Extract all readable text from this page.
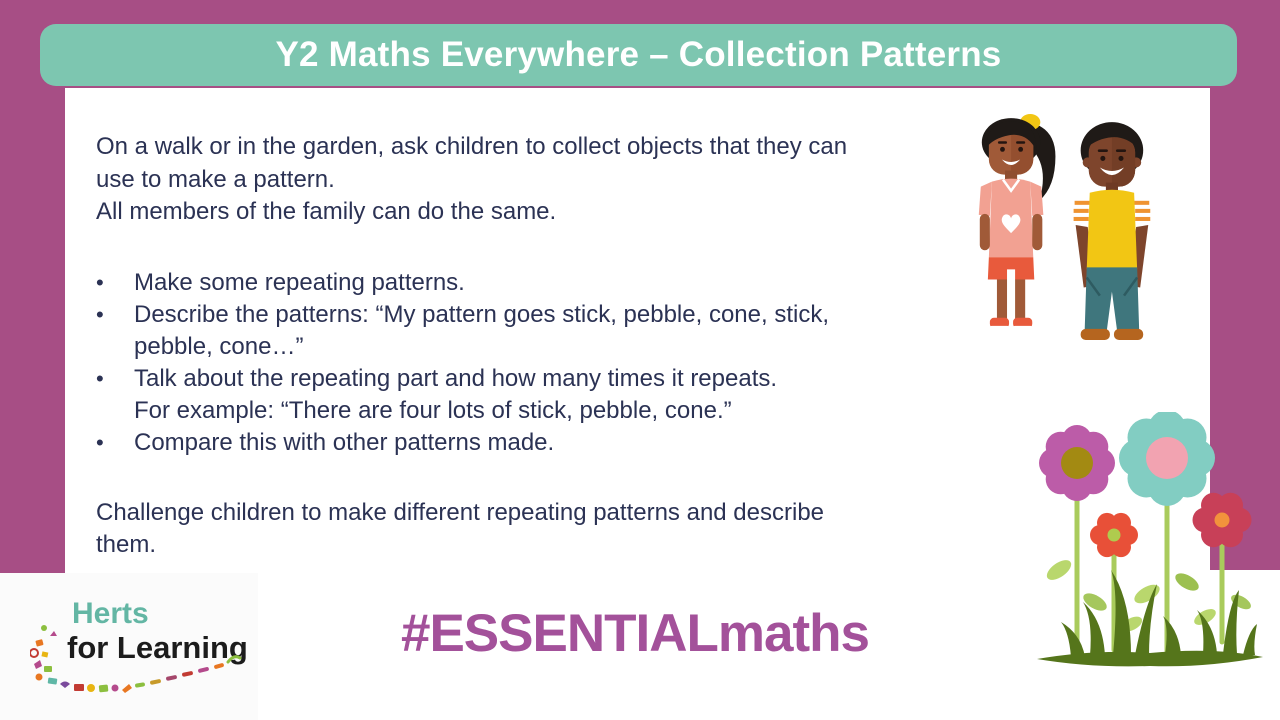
Y2 Maths Everywhere – Collection Patterns
On a walk or in the garden, ask children to collect objects that they can
use to make a pattern.
All members of the family can do the same.
• Make some repeating patterns.
• Describe the patterns: “My pattern goes stick, pebble, cone, stick,
pebble, cone…”
• Talk about the repeating part and how many times it repeats.
For example: “There are four lots of stick, pebble, cone.”
• Compare this with other patterns made.
Challenge children to make different repeating patterns and describe
them.
Herts
for Learning	#ESSENTIALmaths
